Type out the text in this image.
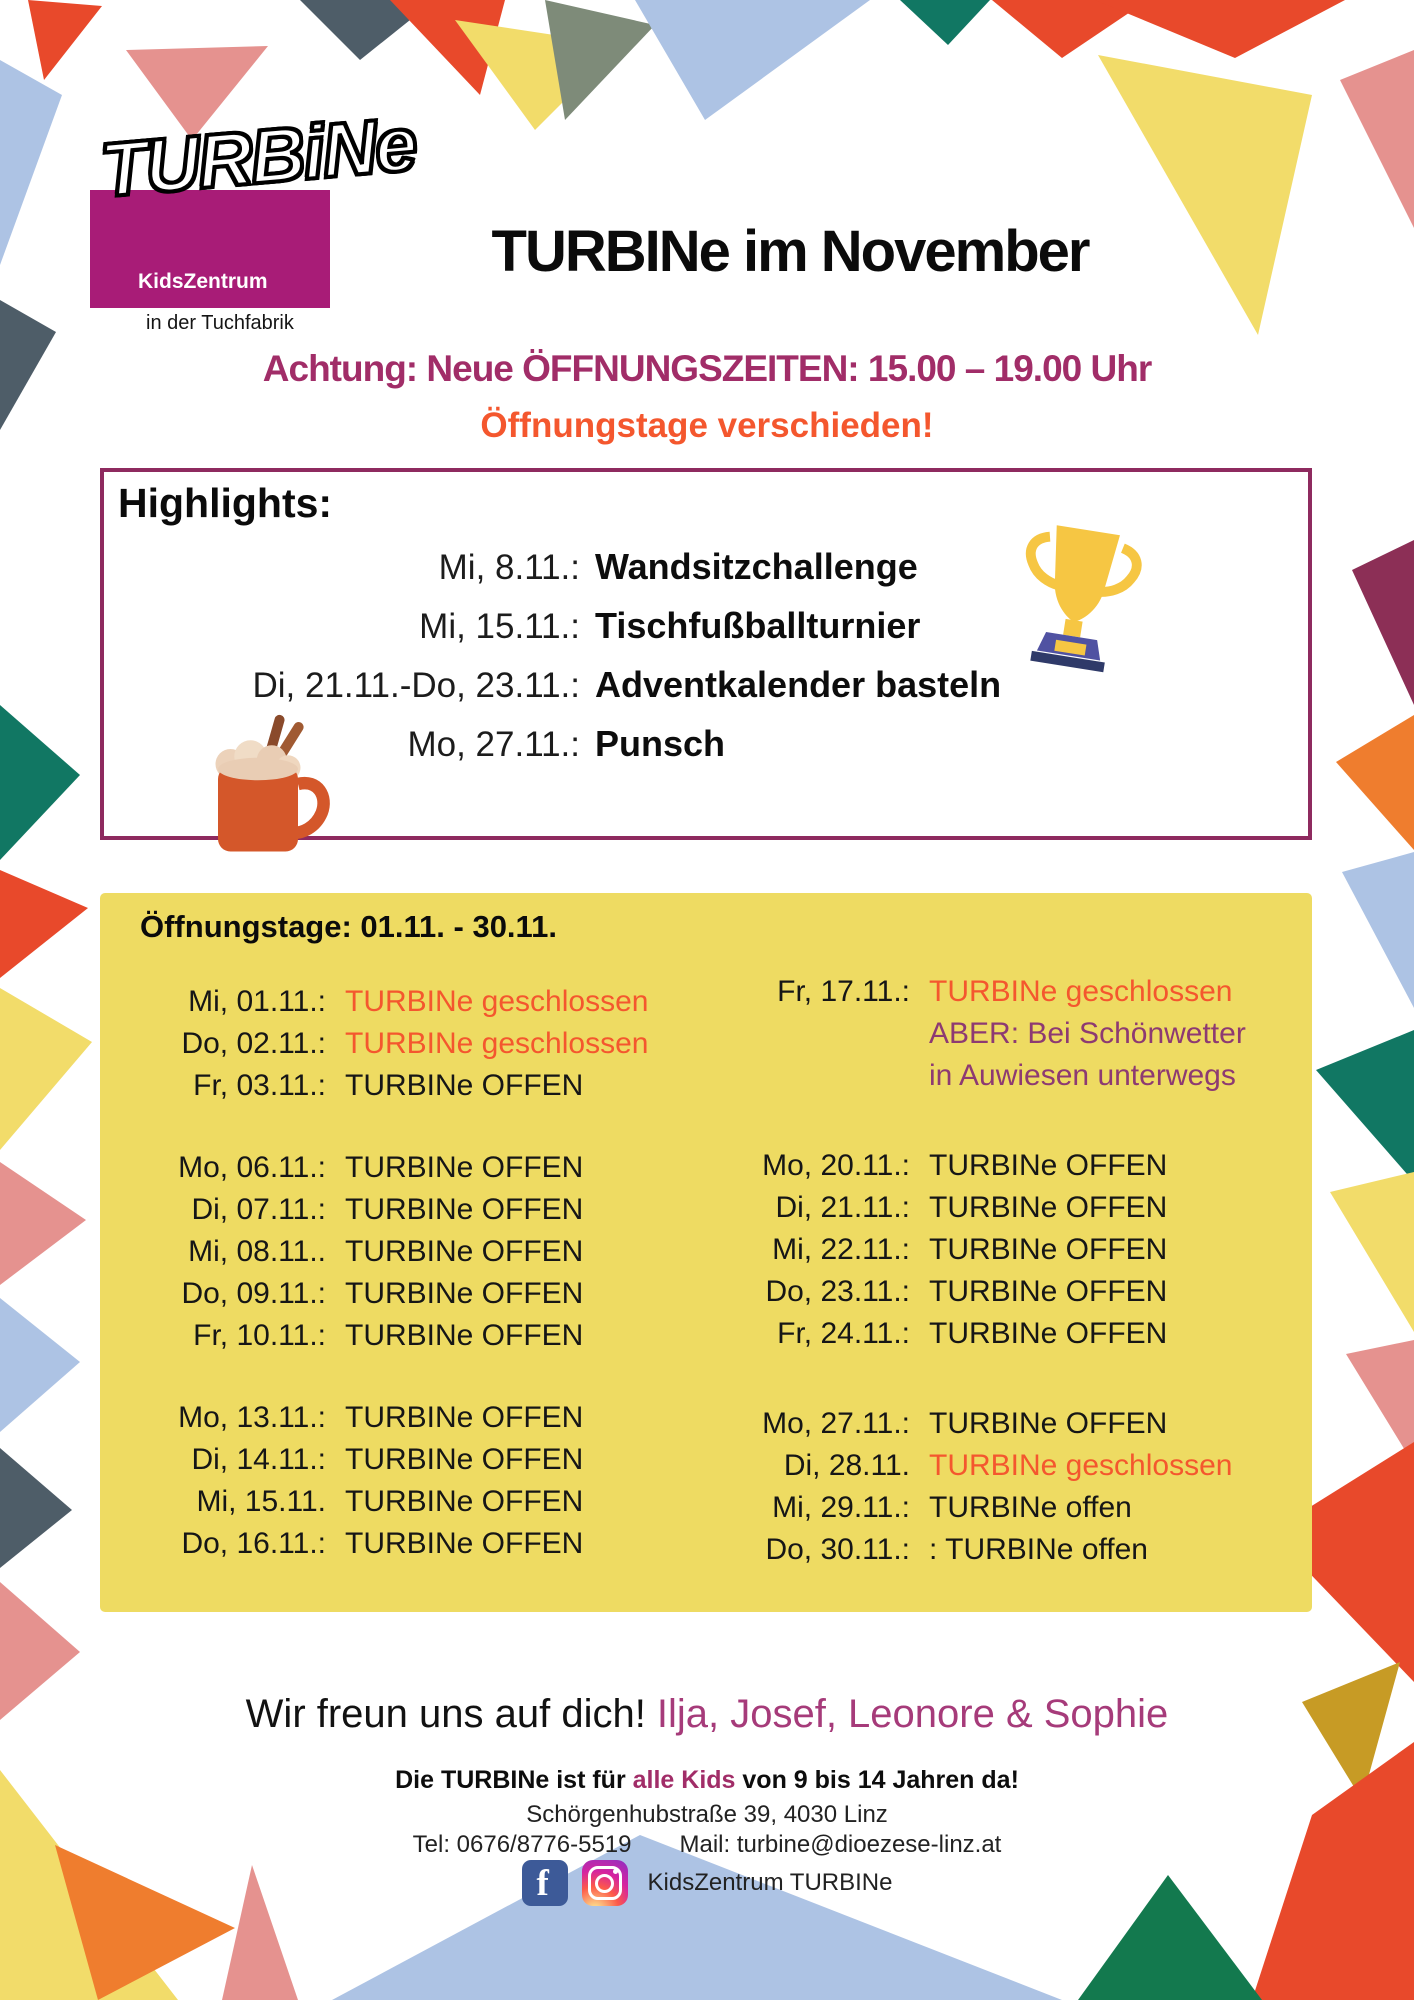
TURBiNe
KidsZentrum
in der Tuchfabrik
TURBINe im November
Achtung: Neue ÖFFNUNGSZEITEN: 15.00 – 19.00 Uhr
Öffnungstage verschieden!
Highlights:
Mi, 8.11.: Wandsitzchallenge
Mi, 15.11.: Tischfußballturnier
Di, 21.11.-Do, 23.11.: Adventkalender basteln
Mo, 27.11.: Punsch
Öffnungstage: 01.11. - 30.11.
Mi, 01.11.: TURBINe geschlossen
Do, 02.11.: TURBINe geschlossen
Fr, 03.11.: TURBINe OFFEN
Mo, 06.11.: TURBINe OFFEN
Di, 07.11.: TURBINe OFFEN
Mi, 08.11.. TURBINe OFFEN
Do, 09.11.: TURBINe OFFEN
Fr, 10.11.: TURBINe OFFEN
Mo, 13.11.: TURBINe OFFEN
Di, 14.11.: TURBINe OFFEN
Mi, 15.11. TURBINe OFFEN
Do, 16.11.: TURBINe OFFEN
Fr, 17.11.: TURBINe geschlossen
ABER: Bei Schönwetter
in Auwiesen unterwegs
Mo, 20.11.: TURBINe OFFEN
Di, 21.11.: TURBINe OFFEN
Mi, 22.11.: TURBINe OFFEN
Do, 23.11.: TURBINe OFFEN
Fr, 24.11.: TURBINe OFFEN
Mo, 27.11.: TURBINe OFFEN
Di, 28.11. TURBINe geschlossen
Mi, 29.11.: TURBINe offen
Do, 30.11.: : TURBINe offen
Wir freun uns auf dich! Ilja, Josef, Leonore & Sophie
Die TURBINe ist für alle Kids von 9 bis 14 Jahren da!
Schörgenhubstraße 39, 4030 Linz
Tel: 0676/8776-5519 Mail: turbine@dioezese-linz.at
f
KidsZentrum TURBINe
